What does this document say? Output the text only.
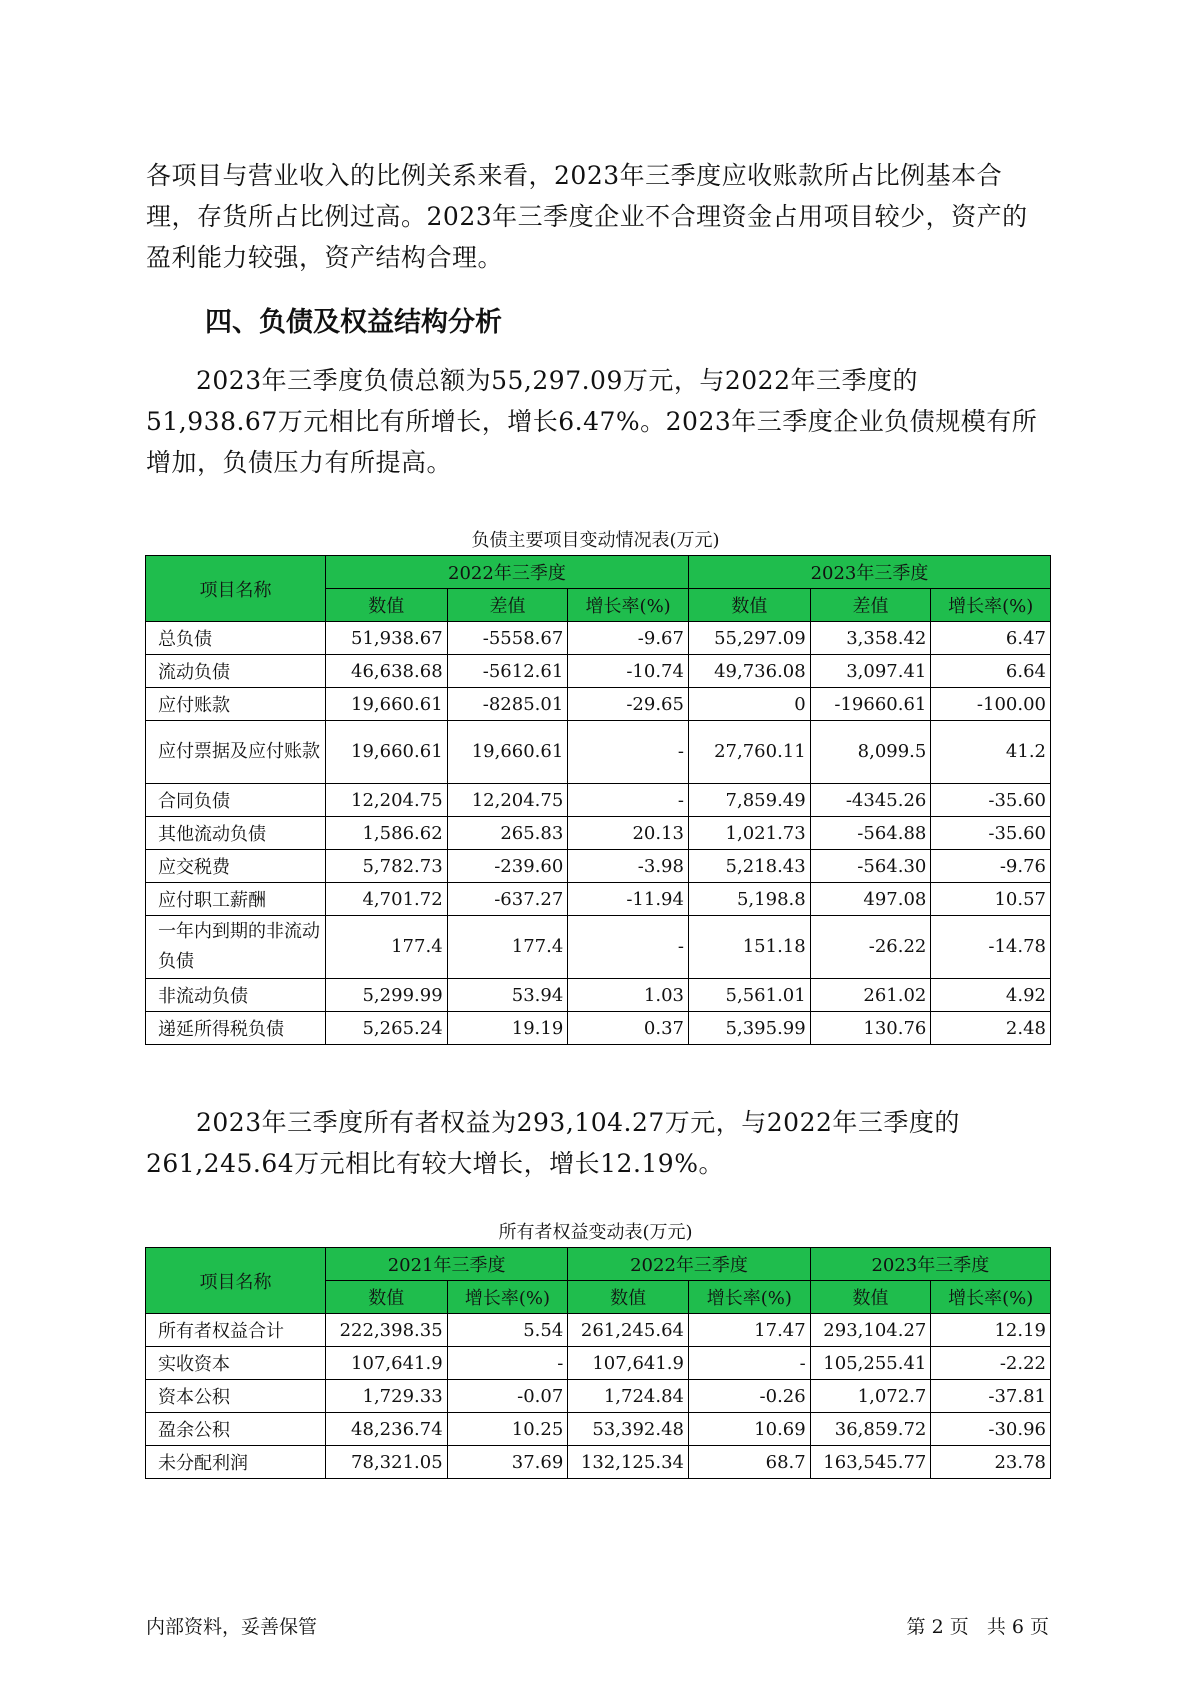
各项目与营业收入的比例关系来看，2023年三季度应收账款所占比例基本合理，存货所占比例过高。2023年三季度企业不合理资金占用项目较少，资产的盈利能力较强，资产结构合理。
四、负债及权益结构分析
2023年三季度负债总额为55,297.09万元，与2022年三季度的51,938.67万元相比有所增长，增长6.47%。2023年三季度企业负债规模有所增加，负债压力有所提高。
负债主要项目变动情况表(万元)
项目名称	2022年三季度			2023年三季度		
	数值	差值	增长率(%)	数值	差值	增长率(%)
总负债	51,938.67	-5558.67	-9.67	55,297.09	3,358.42	6.47
流动负债	46,638.68	-5612.61	-10.74	49,736.08	3,097.41	6.64
应付账款	19,660.61	-8285.01	-29.65	0	-19660.61	-100.00
应付票据及应付账款	19,660.61	19,660.61	-	27,760.11	8,099.5	41.2
合同负债	12,204.75	12,204.75	-	7,859.49	-4345.26	-35.60
其他流动负债	1,586.62	265.83	20.13	1,021.73	-564.88	-35.60
应交税费	5,782.73	-239.60	-3.98	5,218.43	-564.30	-9.76
应付职工薪酬	4,701.72	-637.27	-11.94	5,198.8	497.08	10.57
一年内到期的非流动负债	177.4	177.4	-	151.18	-26.22	-14.78
非流动负债	5,299.99	53.94	1.03	5,561.01	261.02	4.92
递延所得税负债	5,265.24	19.19	0.37	5,395.99	130.76	2.48
2023年三季度所有者权益为293,104.27万元，与2022年三季度的261,245.64万元相比有较大增长，增长12.19%。
所有者权益变动表(万元)
项目名称	2021年三季度		2022年三季度		2023年三季度	
	数值	增长率(%)	数值	增长率(%)	数值	增长率(%)
所有者权益合计	222,398.35	5.54	261,245.64	17.47	293,104.27	12.19
实收资本	107,641.9	-	107,641.9	-	105,255.41	-2.22
资本公积	1,729.33	-0.07	1,724.84	-0.26	1,072.7	-37.81
盈余公积	48,236.74	10.25	53,392.48	10.69	36,859.72	-30.96
未分配利润	78,321.05	37.69	132,125.34	68.7	163,545.77	23.78
内部资料，妥善保管	第 2 页   共 6 页
